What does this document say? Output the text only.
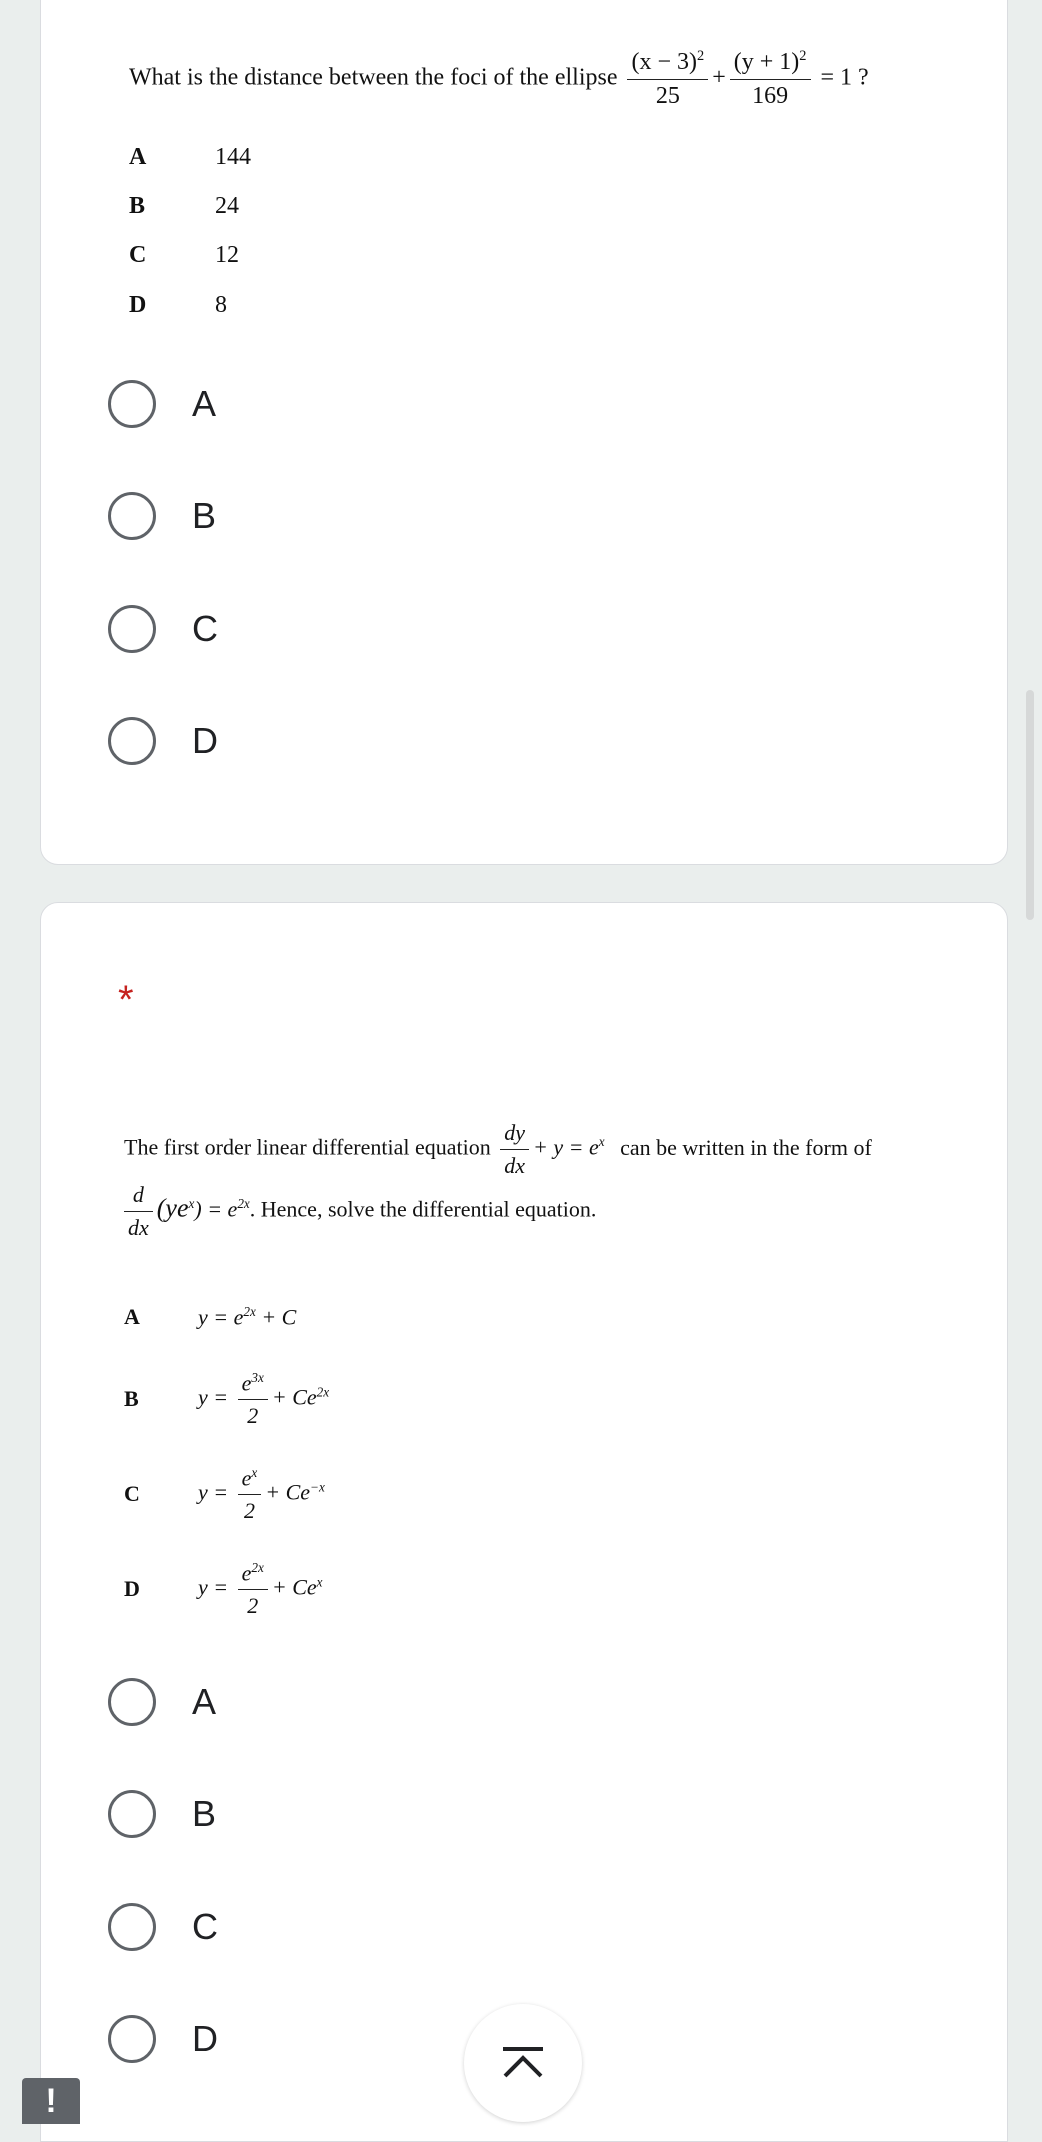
What is the distance between the foci of the ellipse $\frac{(x - 3)^2}{25} + \frac{(y + 1)^2}{169} = 1$ ?
A	144
B	24
C	12
D	8
A
B
C
D
*
The first order linear differential equation $\frac{dy}{dx} + y = e^x$ can be written in the form of
$\frac{d}{dx} (ye^x) = e^{2x}$. Hence, solve the differential equation.
A	$y = e^{2x} + C$
B	$y = \frac{e^{3x}}{2} + Ce^{2x}$
C	$y = \frac{e^x}{2} + Ce^{-x}$
D	$y = \frac{e^{2x}}{2} + Ce^x$
A
B
C
D
!
